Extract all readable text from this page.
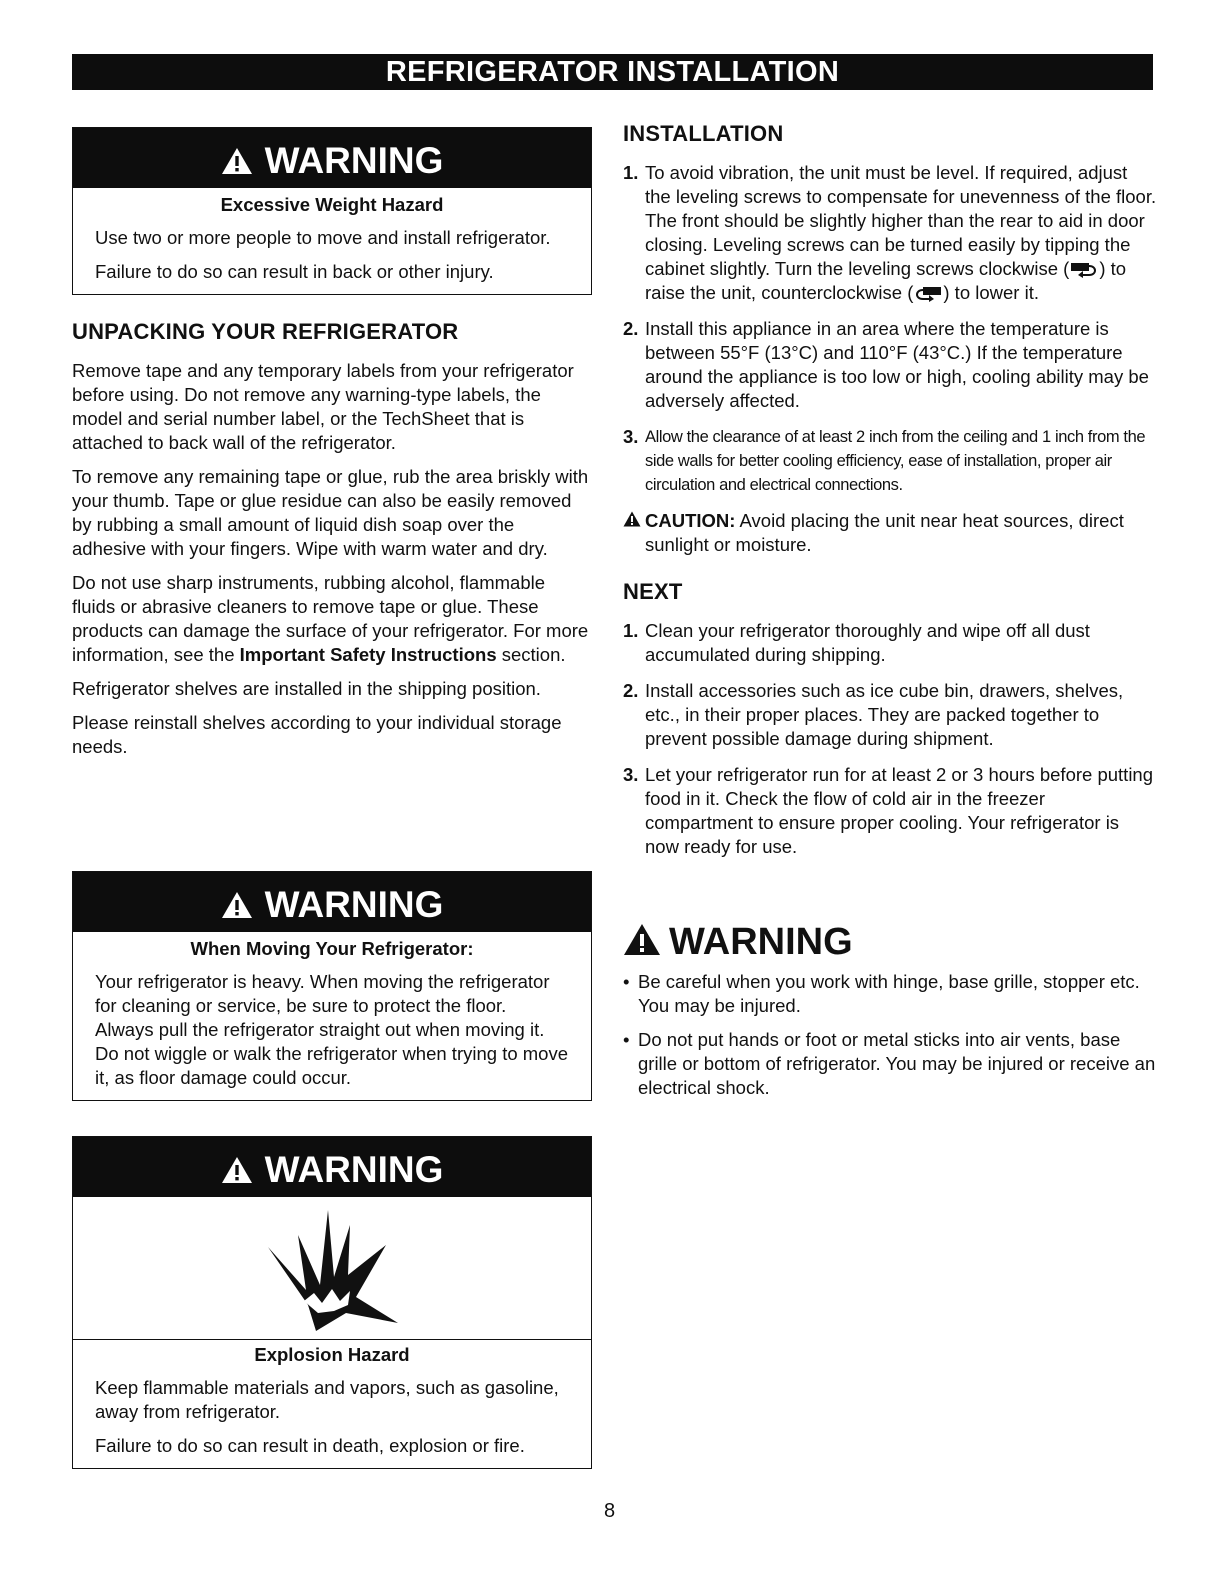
REFRIGERATOR INSTALLATION
WARNING

Excessive Weight Hazard

Use two or more people to move and install refrigerator.

Failure to do so can result in back or other injury.

UNPACKING YOUR REFRIGERATOR

Remove tape and any temporary labels from your refrigerator before using. Do not remove any warning-type labels, the model and serial number label, or the TechSheet that is attached to back wall of the refrigerator.

To remove any remaining tape or glue, rub the area briskly with your thumb. Tape or glue residue can also be easily removed by rubbing a small amount of liquid dish soap over the adhesive with your fingers. Wipe with warm water and dry.

Do not use sharp instruments, rubbing alcohol, flammable fluids or abrasive cleaners to remove tape or glue. These products can damage the surface of your refrigerator. For more information, see the Important Safety Instructions section.

Refrigerator shelves are installed in the shipping position.

Please reinstall shelves according to your individual storage needs.

WARNING

When Moving Your Refrigerator:

Your refrigerator is heavy. When moving the refrigerator for cleaning or service, be sure to protect the floor. Always pull the refrigerator straight out when moving it. Do not wiggle or walk the refrigerator when trying to move it, as floor damage could occur.

WARNING

Explosion Hazard

Keep flammable materials and vapors, such as gasoline, away from refrigerator.

Failure to do so can result in death, explosion or fire.

INSTALLATION
1. To avoid vibration, the unit must be level. If required, adjust the leveling screws to compensate for unevenness of the floor. The front should be slightly higher than the rear to aid in door closing. Leveling screws can be turned easily by tipping the cabinet slightly. Turn the leveling screws clockwise ( ) to raise the unit, counterclockwise ( ) to lower it.
2. Install this appliance in an area where the temperature is between 55°F (13°C) and 110°F (43°C.) If the temperature around the appliance is too low or high, cooling ability may be adversely affected.
3. Allow the clearance of at least 2 inch from the ceiling and 1 inch from the side walls for better cooling efficiency, ease of installation, proper air circulation and electrical connections.
CAUTION: Avoid placing the unit near heat sources, direct sunlight or moisture.
NEXT
1. Clean your refrigerator thoroughly and wipe off all dust accumulated during shipping.
2. Install accessories such as ice cube bin, drawers, shelves, etc., in their proper places. They are packed together to prevent possible damage during shipment.
3. Let your refrigerator run for at least 2 or 3 hours before putting food in it. Check the flow of cold air in the freezer compartment to ensure proper cooling. Your refrigerator is now ready for use.
WARNING
• Be careful when you work with hinge, base grille, stopper etc. You may be injured.
• Do not put hands or foot or metal sticks into air vents, base grille or bottom of refrigerator. You may be injured or receive an electrical shock.
8
